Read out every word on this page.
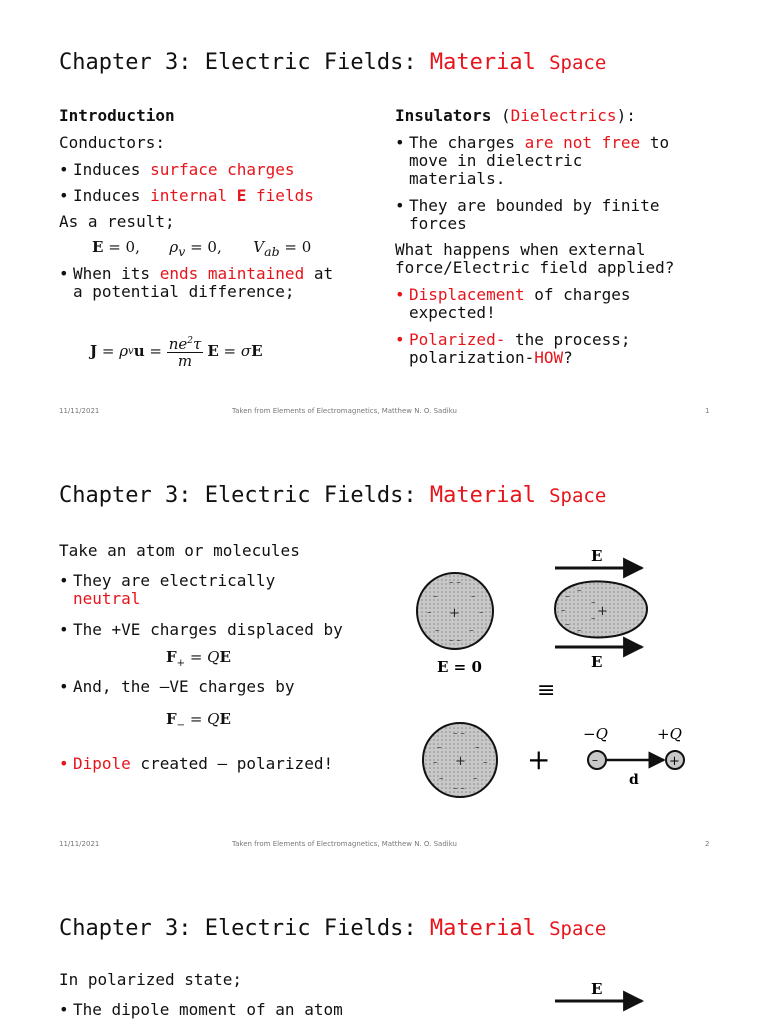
Chapter 3: Electric Fields: Material Space
Introduction
Conductors:
• Induces surface charges
• Induces internal E fields
As a result;
• When its ends maintained at
a potential difference;
E = 0, $\rho_v = 0$, $V_{ab} = 0$
J = ρ v $u = \frac{ne^2\tau}{m}$ E = σ E
Insulators (Dielectrics):
• The charges are not free to
move in dielectric
materials.
• They are bounded by finite
forces
What happens when external
force/Electric field applied?
• Displacement of charges
expected!
• Polarized- the process;
polarization-HOW?
11/11/2021	Taken from Elements of Electromagnetics, Matthew N. O. Sadiku	1
Chapter 3: Electric Fields: Material Space
Take an atom or molecules
• They are electrically
neutral
• The +VE charges displaced by
• And, the –VE charges by
• Dipole created – polarized!
$F_+$ = QE
$F_-$ = QE
E
– –
–	–
–	–
–	–
– –
+
E = 0
–
–
–
–
–
–
– +
E
≡
– –
–	–
–	–
–	–
– –
+ +
−Q	+Q
–	+
d
11/11/2021	Taken from Elements of Electromagnetics, Matthew N. O. Sadiku	2
Chapter 3: Electric Fields: Material Space
In polarized state;
• The dipole moment of an atom
E
